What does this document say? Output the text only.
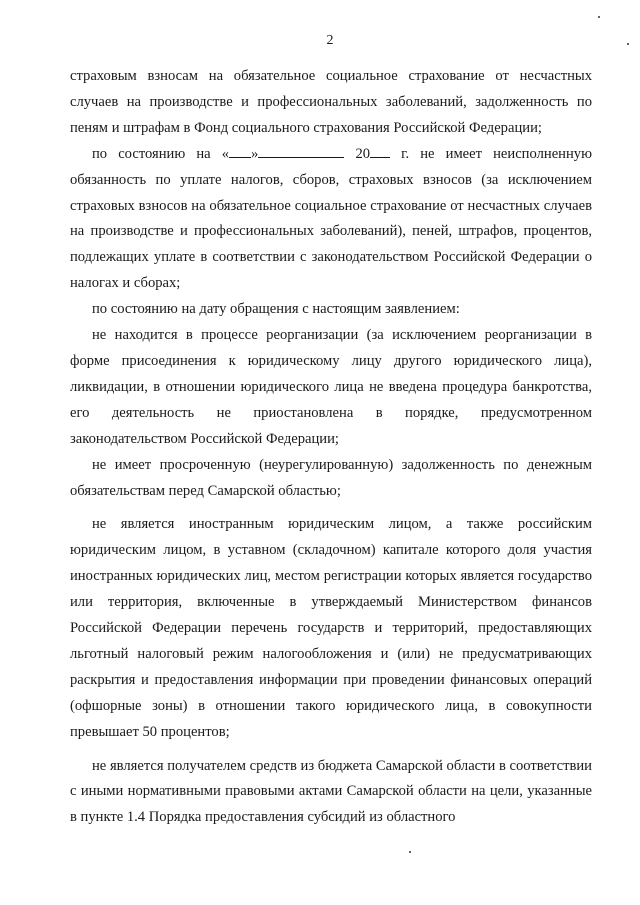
2

страховым взносам на обязательное социальное страхование от несчастных случаев на производстве и профессиональных заболеваний, задолженность по пеням и штрафам в Фонд социального страхования Российской Федерации;

по состоянию на « »	20 г. не имеет неисполненную обязанность по уплате налогов, сборов, страховых взносов (за исключением страховых взносов на обязательное социальное страхование от несчастных случаев на производстве и профессиональных заболеваний), пеней, штрафов, процентов, подлежащих уплате в соответствии с законодательством Российской Федерации о налогах и сборах;

по состоянию на дату обращения с настоящим заявлением:

не находится в процессе реорганизации (за исключением реорганизации в форме присоединения к юридическому лицу другого юридического лица), ликвидации, в отношении юридического лица не введена процедура банкротства, его деятельность не приостановлена в порядке, предусмотренном законодательством Российской Федерации;

не имеет просроченную (неурегулированную) задолженность по денежным обязательствам перед Самарской областью;

не является иностранным юридическим лицом, а также российским юридическим лицом, в уставном (складочном) капитале которого доля участия иностранных юридических лиц, местом регистрации которых является государство или территория, включенные в утверждаемый Министерством финансов Российской Федерации перечень государств и территорий, предоставляющих льготный налоговый режим налогообложения и (или) не предусматривающих раскрытия и предоставления информации при проведении финансовых операций (офшорные зоны) в отношении такого юридического лица, в совокупности превышает 50 процентов;

не является получателем средств из бюджета Самарской области в соответствии с иными нормативными правовыми актами Самарской области на цели, указанные в пункте 1.4 Порядка предоставления субсидий из областного
